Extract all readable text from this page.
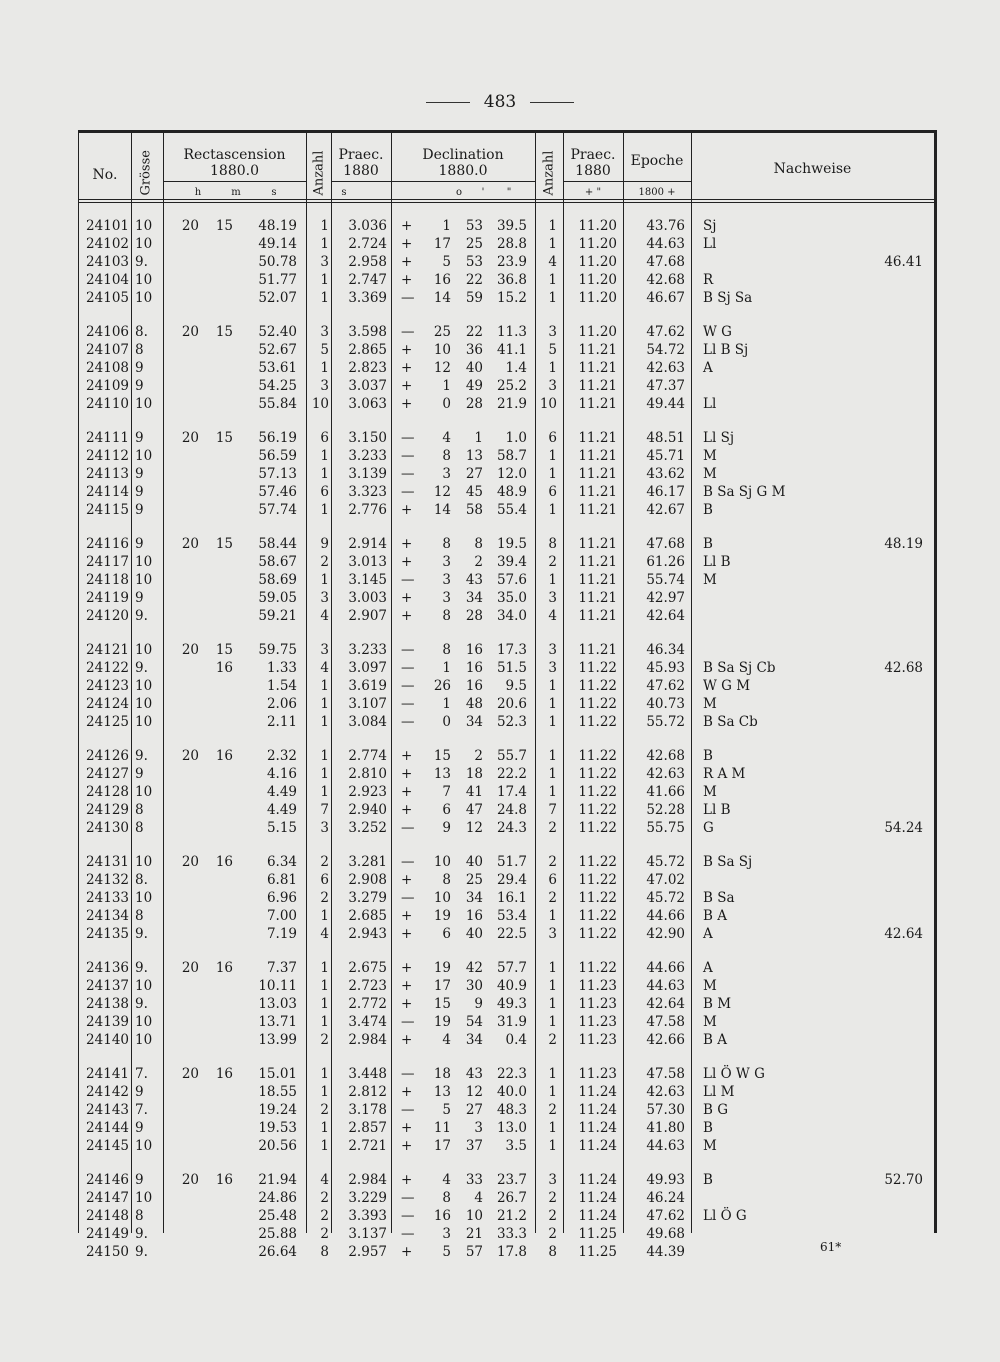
483
No.	Grösse	Rectascension
1880.0
h	m	s	Anzahl Praec.
1880
s
Declination
1880.0
o	'	" Anzahl Praec.
1880
+ "
Epoche
1800 +
Nachweise
24101 10	20	15	48.19	1	3.036 +	1	53	39.5	1	11.20	43.76 Sj
24102 10	49.14	1	2.724 +	17	25	28.8	1	11.20	44.63 Ll
24103 9.	50.78	3	2.958 +	5	53	23.9	4	11.20	47.68	46.41
24104 10	51.77	1	2.747 +	16	22	36.8	1	11.20	42.68 R
24105 10	52.07	1	3.369 —	14	59	15.2	1	11.20	46.67 B Sj Sa
24106 8.	20	15	52.40	3	3.598 —	25	22	11.3	3	11.20	47.62 W G
24107 8	52.67	5	2.865 +	10	36	41.1	5	11.21	54.72 Ll B Sj
24108 9	53.61	1	2.823 +	12	40	1.4	1	11.21	42.63 A
24109 9	54.25	3	3.037 +	1	49	25.2	3	11.21	47.37
24110 10	55.84	10	3.063 +	0	28	21.9 10	11.21	49.44 Ll
24111 9	20	15	56.19	6	3.150 —	4	1	1.0	6	11.21	48.51 Ll Sj
24112 10	56.59	1	3.233 —	8	13	58.7	1	11.21	45.71 M
24113 9	57.13	1	3.139 —	3	27	12.0	1	11.21	43.62 M
24114 9	57.46	6	3.323 —	12	45	48.9	6	11.21	46.17 B Sa Sj G M
24115 9	57.74	1	2.776 +	14	58	55.4	1	11.21	42.67 B
24116 9	20	15	58.44	9	2.914 +	8	8	19.5	8	11.21	47.68 B	48.19
24117 10	58.67	2	3.013 +	3	2	39.4	2	11.21	61.26 Ll B
24118 10	58.69	1	3.145 —	3	43	57.6	1	11.21	55.74 M
24119 9	59.05	3	3.003 +	3	34	35.0	3	11.21	42.97
24120 9.	59.21	4	2.907 +	8	28	34.0	4	11.21	42.64
24121 10	20	15	59.75	3	3.233 —	8	16	17.3	3	11.21	46.34
24122 9.	16	1.33	4	3.097 —	1	16	51.5	3	11.22	45.93 B Sa Sj Cb	42.68
24123 10	1.54	1	3.619 —	26	16	9.5	1	11.22	47.62 W G M
24124 10	2.06	1	3.107 —	1	48	20.6	1	11.22	40.73 M
24125 10	2.11	1	3.084 —	0	34	52.3	1	11.22	55.72 B Sa Cb
24126 9.	20	16	2.32	1	2.774 +	15	2	55.7	1	11.22	42.68 B
24127 9	4.16	1	2.810 +	13	18	22.2	1	11.22	42.63 R A M
24128 10	4.49	1	2.923 +	7	41	17.4	1	11.22	41.66 M
24129 8	4.49	7	2.940 +	6	47	24.8	7	11.22	52.28 Ll B
24130 8	5.15	3	3.252 —	9	12	24.3	2	11.22	55.75 G	54.24
24131 10	20	16	6.34	2	3.281 —	10	40	51.7	2	11.22	45.72 B Sa Sj
24132 8.	6.81	6	2.908 +	8	25	29.4	6	11.22	47.02
24133 10	6.96	2	3.279 —	10	34	16.1	2	11.22	45.72 B Sa
24134 8	7.00	1	2.685 +	19	16	53.4	1	11.22	44.66 B A
24135 9.	7.19	4	2.943 +	6	40	22.5	3	11.22	42.90 A	42.64
24136 9.	20	16	7.37	1	2.675 +	19	42	57.7	1	11.22	44.66 A
24137 10	10.11	1	2.723 +	17	30	40.9	1	11.23	44.63 M
24138 9.	13.03	1	2.772 +	15	9	49.3	1	11.23	42.64 B M
24139 10	13.71	1	3.474 —	19	54	31.9	1	11.23	47.58 M
24140 10	13.99	2	2.984 +	4	34	0.4	2	11.23	42.66 B A
24141 7.	20	16	15.01	1	3.448 —	18	43	22.3	1	11.23	47.58 Ll Ö W G
24142 9	18.55	1	2.812 +	13	12	40.0	1	11.24	42.63 Ll M
24143 7.	19.24	2	3.178 —	5	27	48.3	2	11.24	57.30 B G
24144 9	19.53	1	2.857 +	11	3	13.0	1	11.24	41.80 B
24145 10	20.56	1	2.721 +	17	37	3.5	1	11.24	44.63 M
24146 9	20	16	21.94	4	2.984 +	4	33	23.7	3	11.24	49.93 B	52.70
24147 10	24.86	2	3.229 —	8	4	26.7	2	11.24	46.24
24148 8	25.48	2	3.393 —	16	10	21.2	2	11.24	47.62 Ll Ö G
24149 9.	25.88	2	3.137 —	3	21	33.3	2	11.25	49.68
24150 9.	26.64	8	2.957 +	5	57	17.8	8	11.25	44.39	61*
